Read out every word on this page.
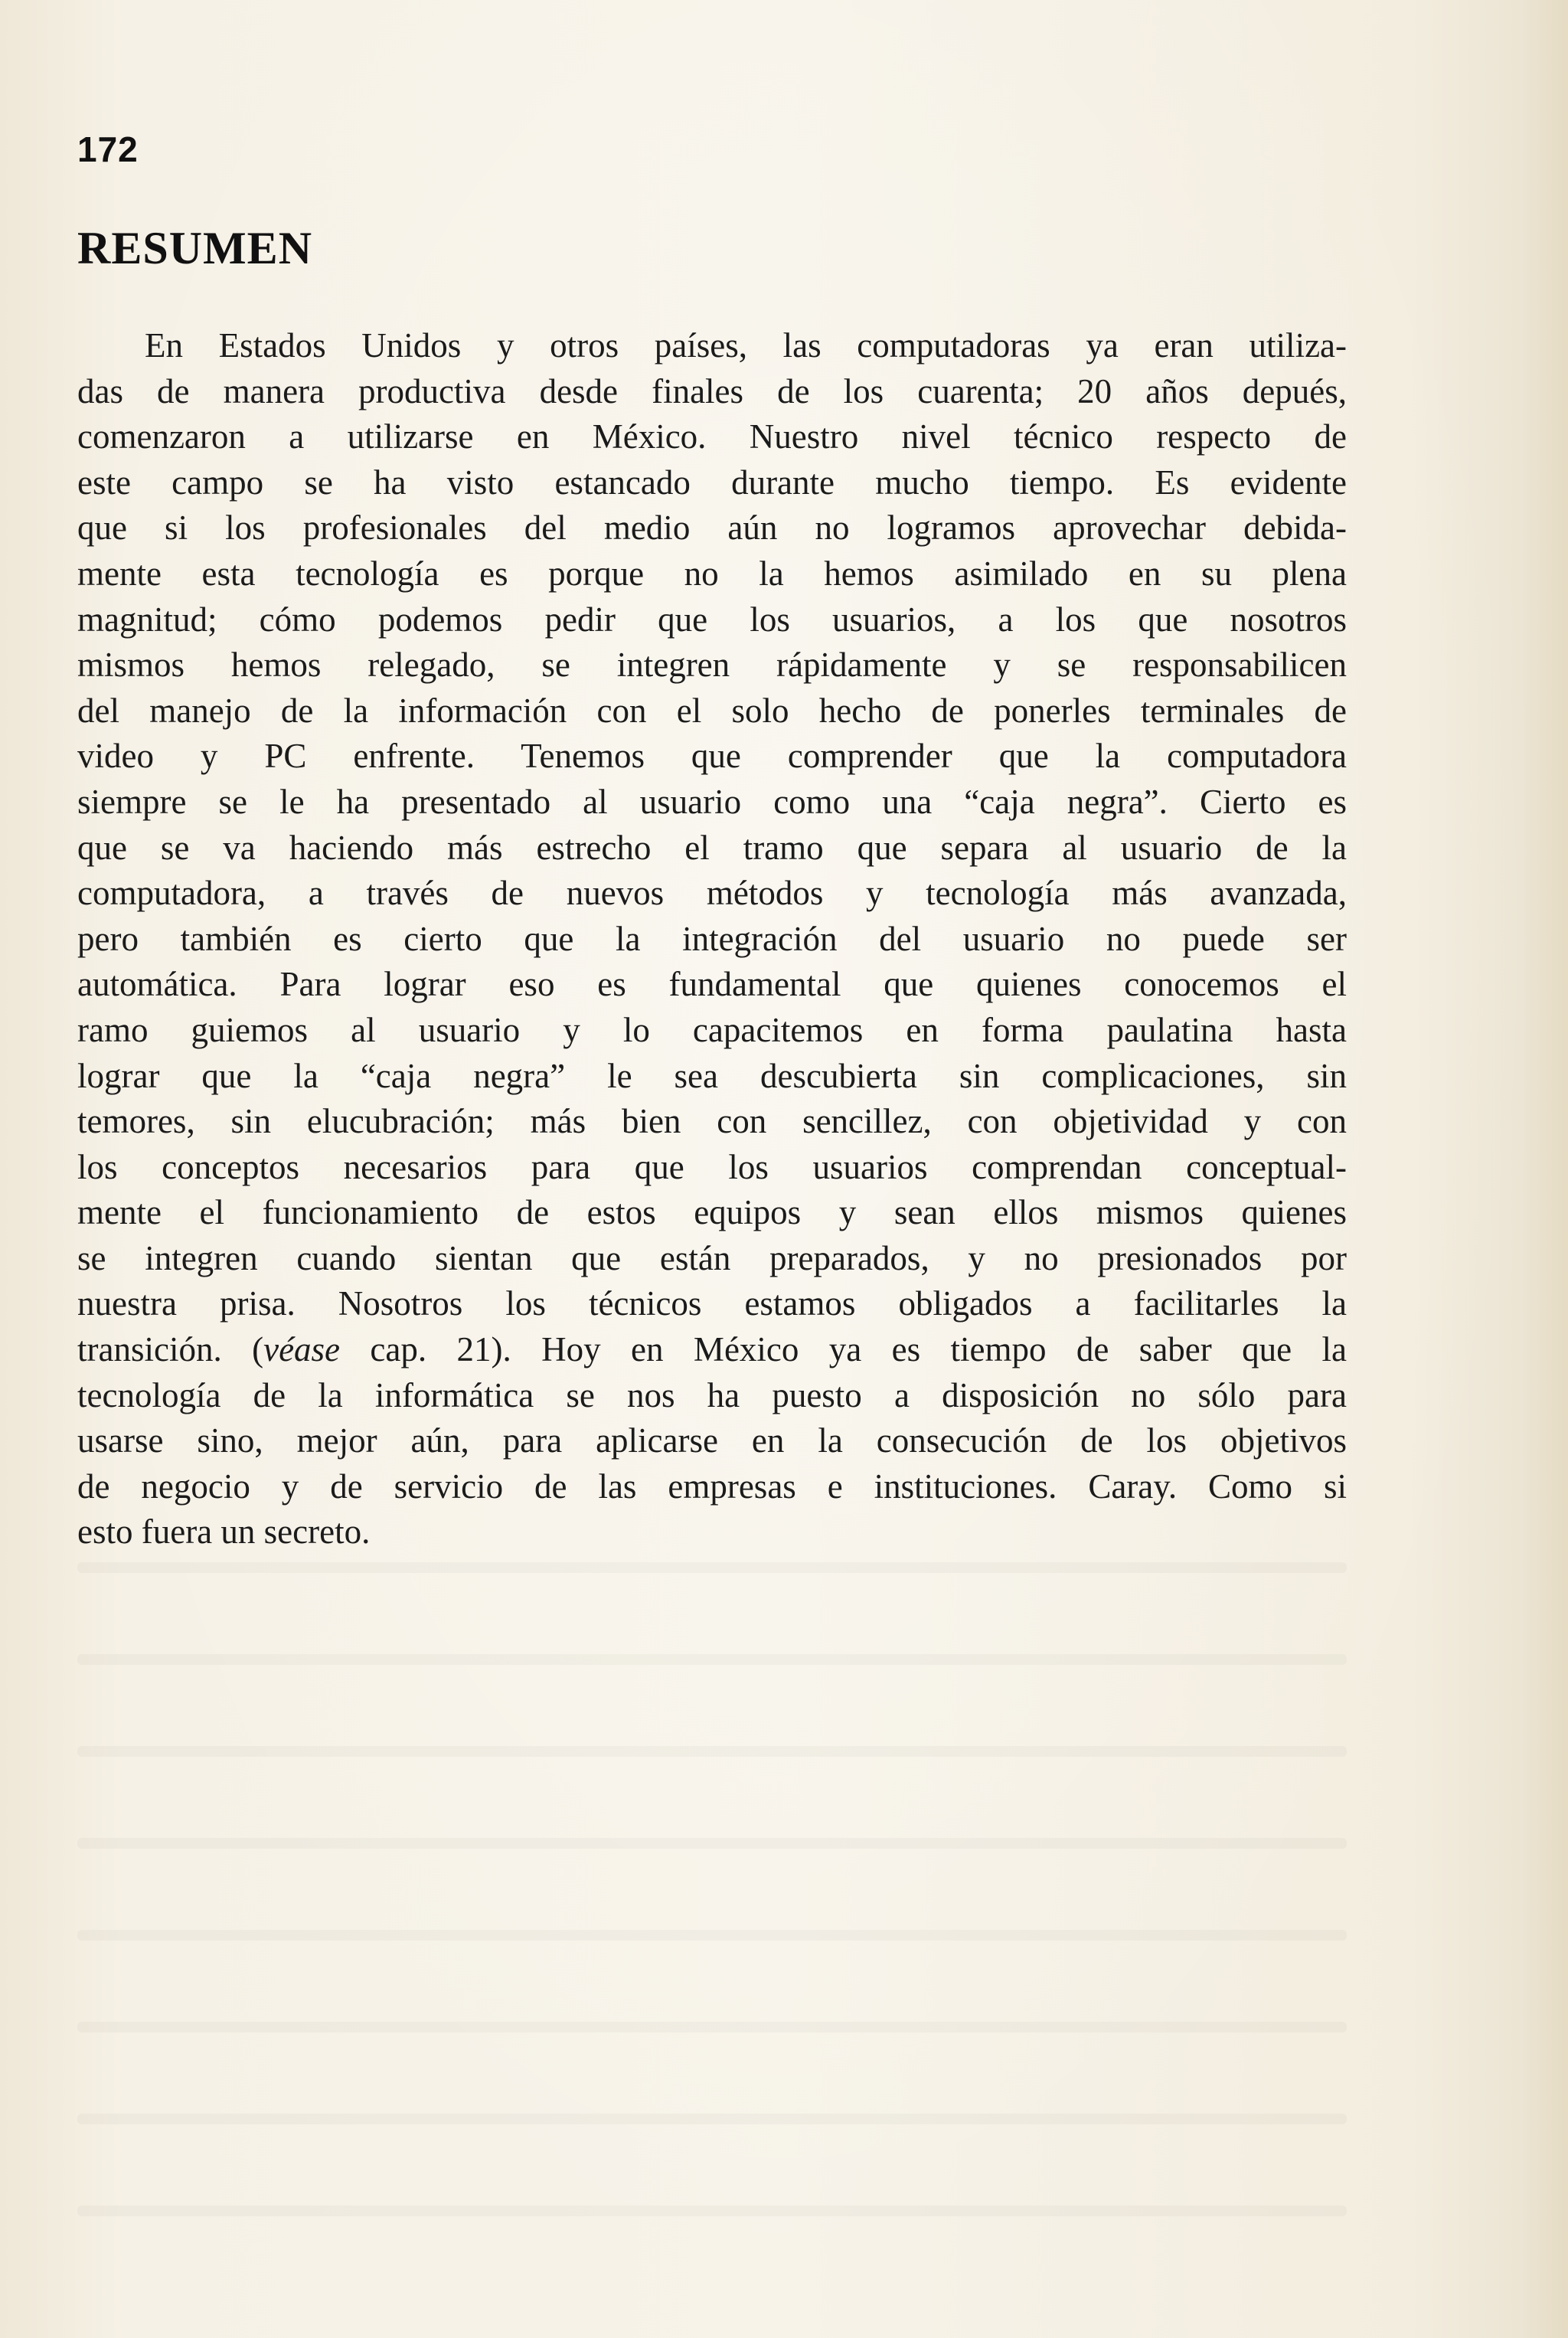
172
RESUMEN
En Estados Unidos y otros países, las computadoras ya eran utiliza-
das de manera productiva desde finales de los cuarenta; 20 años depués,
comenzaron a utilizarse en México. Nuestro nivel técnico respecto de
este campo se ha visto estancado durante mucho tiempo. Es evidente
que si los profesionales del medio aún no logramos aprovechar debida-
mente esta tecnología es porque no la hemos asimilado en su plena
magnitud; cómo podemos pedir que los usuarios, a los que nosotros
mismos hemos relegado, se integren rápidamente y se responsabilicen
del manejo de la información con el solo hecho de ponerles terminales de
video y PC enfrente. Tenemos que comprender que la computadora
siempre se le ha presentado al usuario como una “caja negra”. Cierto es
que se va haciendo más estrecho el tramo que separa al usuario de la
computadora, a través de nuevos métodos y tecnología más avanzada,
pero también es cierto que la integración del usuario no puede ser
automática. Para lograr eso es fundamental que quienes conocemos el
ramo guiemos al usuario y lo capacitemos en forma paulatina hasta
lograr que la “caja negra” le sea descubierta sin complicaciones, sin
temores, sin elucubración; más bien con sencillez, con objetividad y con
los conceptos necesarios para que los usuarios comprendan conceptual-
mente el funcionamiento de estos equipos y sean ellos mismos quienes
se integren cuando sientan que están preparados, y no presionados por
nuestra prisa. Nosotros los técnicos estamos obligados a facilitarles la
transición. (véase cap. 21). Hoy en México ya es tiempo de saber que la
tecnología de la informática se nos ha puesto a disposición no sólo para
usarse sino, mejor aún, para aplicarse en la consecución de los objetivos
de negocio y de servicio de las empresas e instituciones. Caray. Como si
esto fuera un secreto.
